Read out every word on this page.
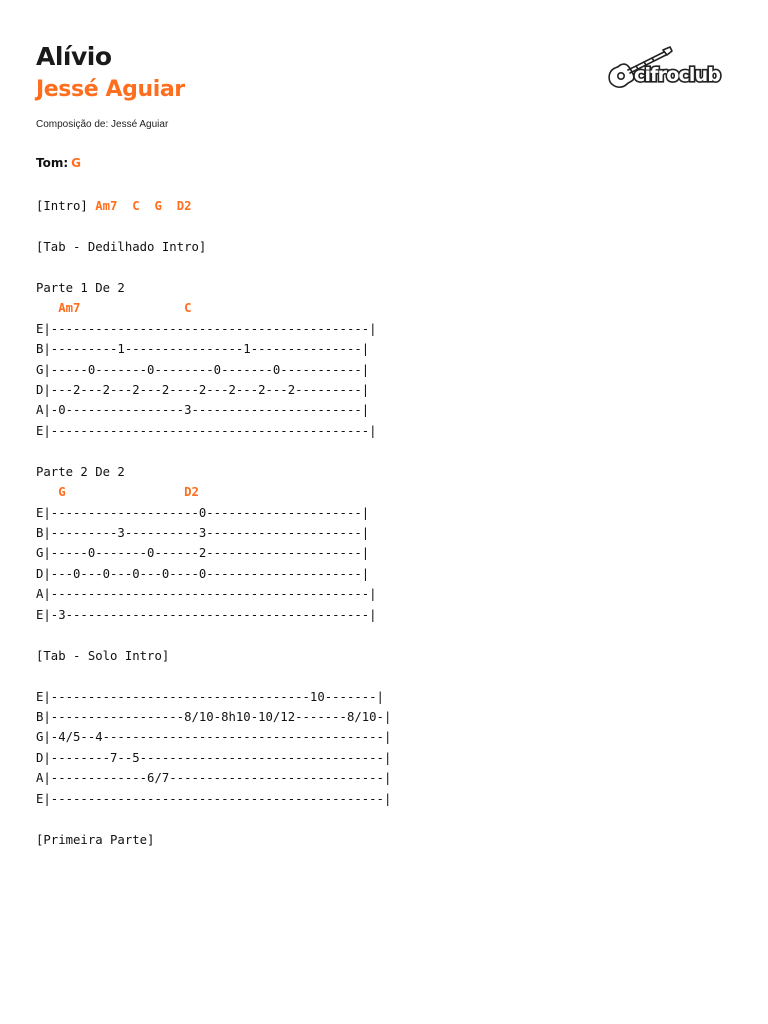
Alívio
Jessé Aguiar
Composição de: Jessé Aguiar
cifroclub
Tom: G
[Intro] Am7 C G D2

[Tab - Dedilhado Intro]

Parte 1 De 2
Am7	C
E|-------------------------------------------|
B|---------1----------------1---------------|
G|-----0-------0--------0-------0-----------|
D|---2---2---2---2----2---2---2---2---------|
A|-0----------------3-----------------------|
E|-------------------------------------------|

Parte 2 De 2
G	D2
E|--------------------0---------------------|
B|---------3----------3---------------------|
G|-----0-------0------2---------------------|
D|---0---0---0---0----0---------------------|
A|-------------------------------------------|
E|-3-----------------------------------------|

[Tab - Solo Intro]

E|-----------------------------------10-------|
B|------------------8/10-8h10-10/12-------8/10-|
G|-4/5--4--------------------------------------|
D|--------7--5---------------------------------|
A|-------------6/7-----------------------------|
E|---------------------------------------------|

[Primeira Parte]
